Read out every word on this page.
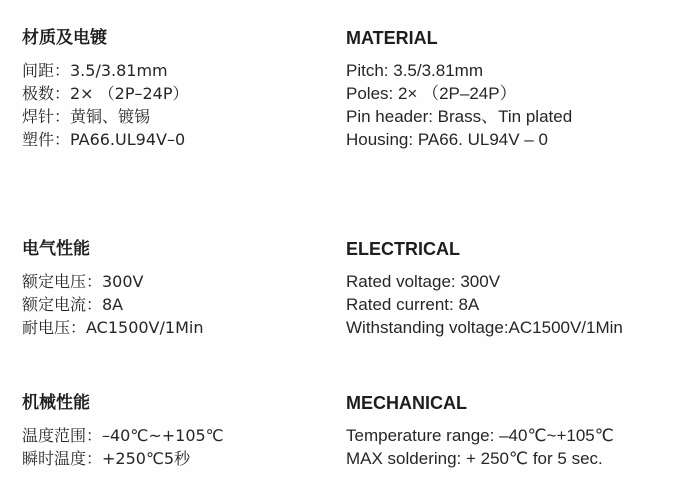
材质及电镀
间距：3.5/3.81mm
极数：2× （2P–24P）
焊针：黄铜、镀锡
塑件：PA66.UL94V–0
MATERIAL
Pitch: 3.5/3.81mm
Poles: 2× （2P–24P）
Pin header: Brass、Tin plated
Housing: PA66. UL94V – 0
电气性能
额定电压：300V
额定电流：8A
耐电压：AC1500V/1Min
ELECTRICAL
Rated voltage: 300V
Rated current: 8A
Withstanding voltage:AC1500V/1Min
机械性能
温度范围：–40℃~+105℃
瞬时温度：+250℃5秒
MECHANICAL
Temperature range: –40℃~+105℃
MAX soldering: + 250℃ for 5 sec.
